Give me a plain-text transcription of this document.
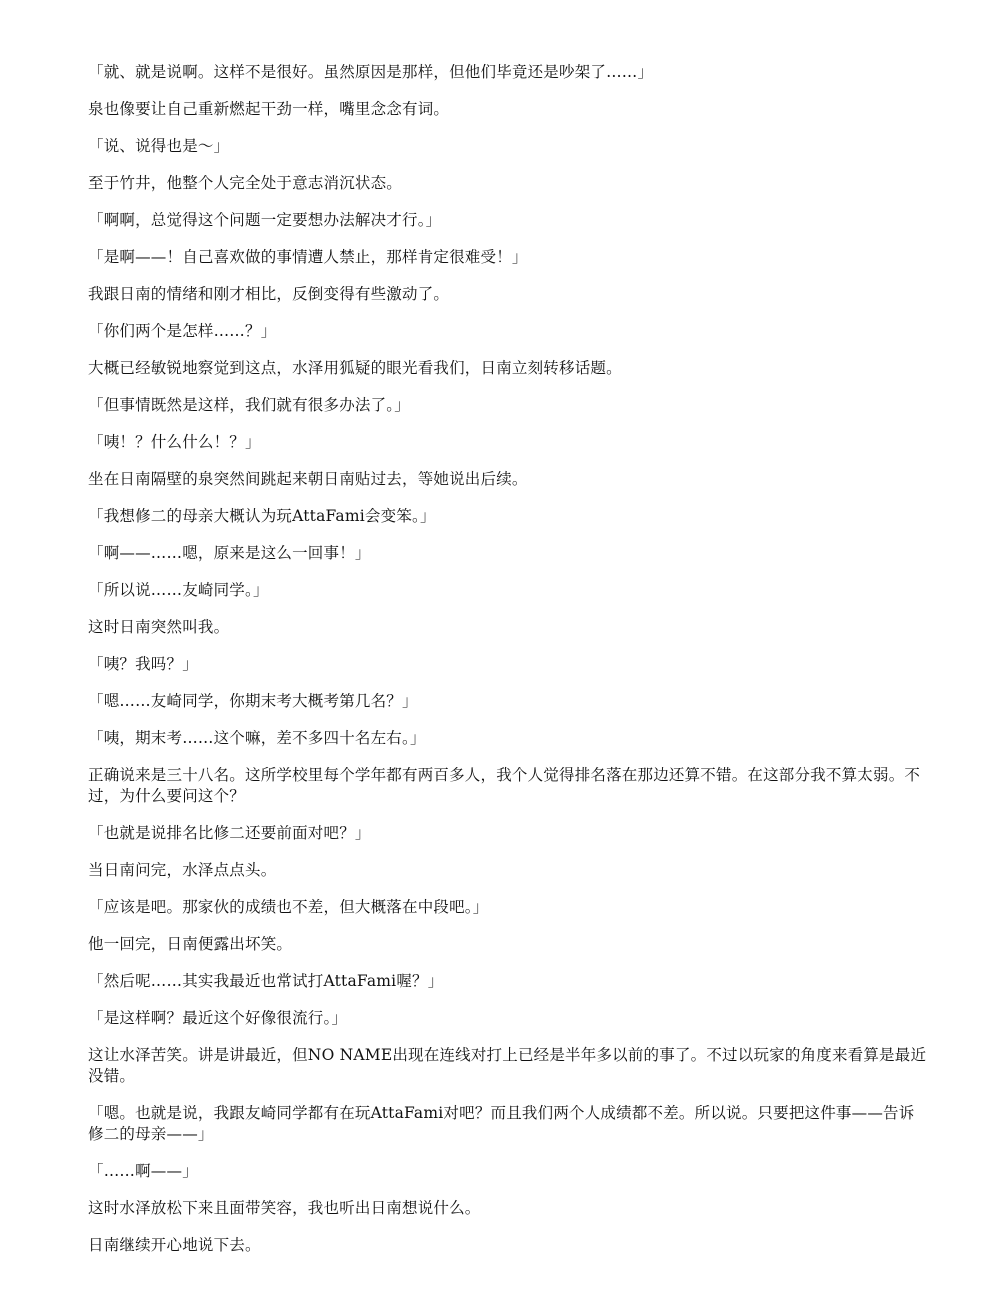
「就、就是说啊。这样不是很好。虽然原因是那样，但他们毕竟还是吵架了……」

泉也像要让自己重新燃起干劲一样，嘴里念念有词。

「说、说得也是～」

至于竹井，他整个人完全处于意志消沉状态。

「啊啊，总觉得这个问题一定要想办法解决才行。」

「是啊——！自己喜欢做的事情遭人禁止，那样肯定很难受！」

我跟日南的情绪和刚才相比，反倒变得有些激动了。

「你们两个是怎样……？」

大概已经敏锐地察觉到这点，水泽用狐疑的眼光看我们，日南立刻转移话题。

「但事情既然是这样，我们就有很多办法了。」

「咦！？什么什么！？」

坐在日南隔壁的泉突然间跳起来朝日南贴过去，等她说出后续。

「我想修二的母亲大概认为玩AttaFami会变笨。」

「啊——……嗯，原来是这么一回事！」

「所以说……友崎同学。」

这时日南突然叫我。

「咦？我吗？」

「嗯……友崎同学，你期末考大概考第几名？」

「咦，期末考……这个嘛，差不多四十名左右。」

正确说来是三十八名。这所学校里每个学年都有两百多人，我个人觉得排名落在那边还算不错。在这部分我不算太弱。不过，为什么要问这个？

「也就是说排名比修二还要前面对吧？」

当日南问完，水泽点点头。

「应该是吧。那家伙的成绩也不差，但大概落在中段吧。」

他一回完，日南便露出坏笑。

「然后呢……其实我最近也常试打AttaFami喔？」

「是这样啊？最近这个好像很流行。」

这让水泽苦笑。讲是讲最近，但NO NAME出现在连线对打上已经是半年多以前的事了。不过以玩家的角度来看算是最近没错。

「嗯。也就是说，我跟友崎同学都有在玩AttaFami对吧？而且我们两个人成绩都不差。所以说。只要把这件事——告诉修二的母亲——」

「……啊——」

这时水泽放松下来且面带笑容，我也听出日南想说什么。

日南继续开心地说下去。
